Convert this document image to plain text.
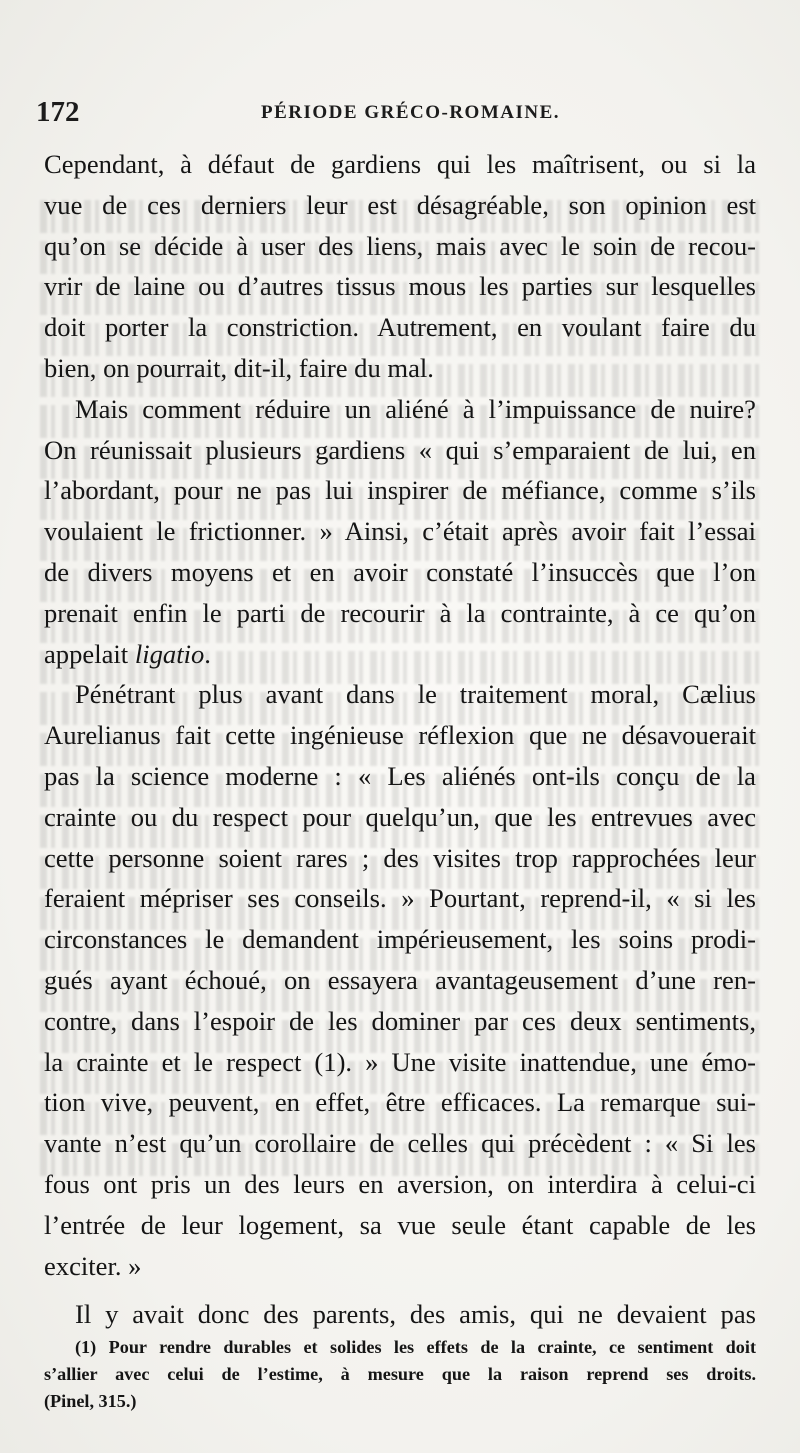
172	PÉRIODE GRÉCO-ROMAINE.
Cependant, à défaut de gardiens qui les maîtrisent, ou si la
vue de ces derniers leur est désagréable, son opinion est
qu’on se décide à user des liens, mais avec le soin de recou-
vrir de laine ou d’autres tissus mous les parties sur lesquelles
doit porter la constriction. Autrement, en voulant faire du
bien, on pourrait, dit-il, faire du mal.
Mais comment réduire un aliéné à l’impuissance de nuire?
On réunissait plusieurs gardiens « qui s’emparaient de lui, en
l’abordant, pour ne pas lui inspirer de méfiance, comme s’ils
voulaient le frictionner. » Ainsi, c’était après avoir fait l’essai
de divers moyens et en avoir constaté l’insuccès que l’on
prenait enfin le parti de recourir à la contrainte, à ce qu’on
appelait ligatio.
Pénétrant plus avant dans le traitement moral, Cælius
Aurelianus fait cette ingénieuse réflexion que ne désavouerait
pas la science moderne : « Les aliénés ont-ils conçu de la
crainte ou du respect pour quelqu’un, que les entrevues avec
cette personne soient rares ; des visites trop rapprochées leur
feraient mépriser ses conseils. » Pourtant, reprend-il, « si les
circonstances le demandent impérieusement, les soins prodi-
gués ayant échoué, on essayera avantageusement d’une ren-
contre, dans l’espoir de les dominer par ces deux sentiments,
la crainte et le respect (1). » Une visite inattendue, une émo-
tion vive, peuvent, en effet, être efficaces. La remarque sui-
vante n’est qu’un corollaire de celles qui précèdent : « Si les
fous ont pris un des leurs en aversion, on interdira à celui-ci
l’entrée de leur logement, sa vue seule étant capable de les
exciter. »
Il y avait donc des parents, des amis, qui ne devaient pas
(1) Pour rendre durables et solides les effets de la crainte, ce sentiment doit
s’allier avec celui de l’estime, à mesure que la raison reprend ses droits.
(Pinel, 315.)
